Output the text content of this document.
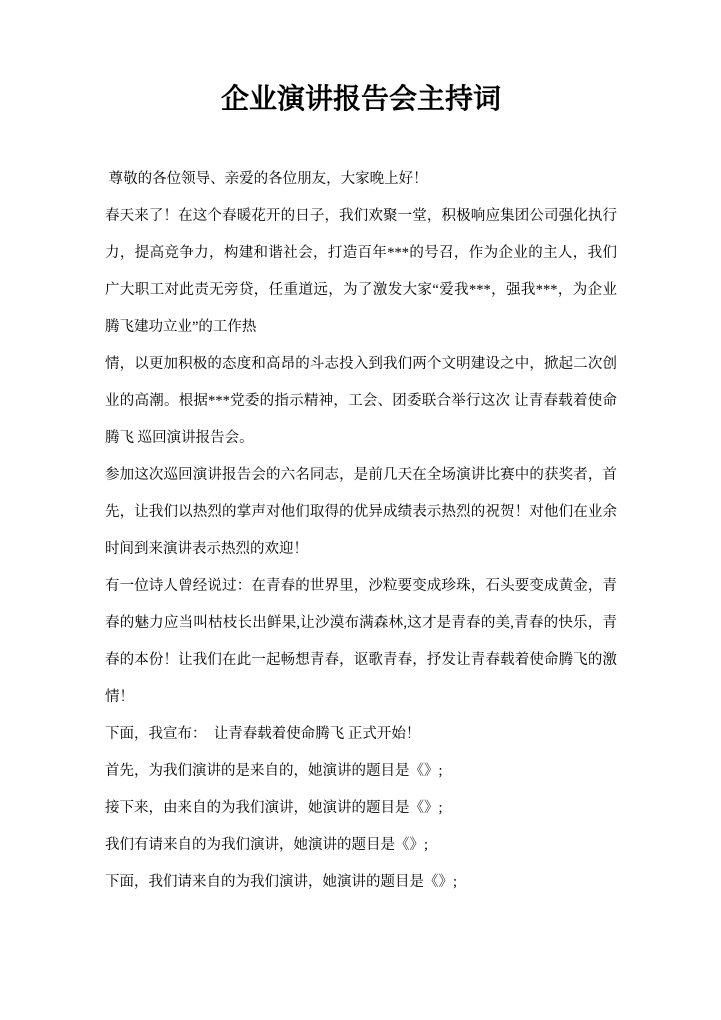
企业演讲报告会主持词

尊敬的各位领导、亲爱的各位朋友，大家晚上好！

春天来了！在这个春暖花开的日子，我们欢聚一堂，积极响应集团公司强化执行力，提高竞争力，构建和谐社会，打造百年***的号召，作为企业的主人，我们广大职工对此责无旁贷，任重道远，为了激发大家“爱我***，强我***，为企业腾飞建功立业”的工作热

情，以更加积极的态度和高昂的斗志投入到我们两个文明建设之中，掀起二次创业的高潮。根据***党委的指示精神，工会、团委联合举行这次 让青春载着使命腾飞 巡回演讲报告会。

参加这次巡回演讲报告会的六名同志，是前几天在全场演讲比赛中的获奖者，首先，让我们以热烈的掌声对他们取得的优异成绩表示热烈的祝贺！对他们在业余时间到来演讲表示热烈的欢迎！

有一位诗人曾经说过：在青春的世界里，沙粒要变成珍珠，石头要变成黄金，青春的魅力应当叫枯枝长出鲜果,让沙漠布满森林,这才是青春的美,青春的快乐，青春的本份！让我们在此一起畅想青春，讴歌青春，抒发让青春载着使命腾飞的激情！

下面，我宣布：  让青春载着使命腾飞 正式开始！

首先，为我们演讲的是来自的，她演讲的题目是《》;

接下来，由来自的为我们演讲，她演讲的题目是《》;

我们有请来自的为我们演讲，她演讲的题目是《》;

下面，我们请来自的为我们演讲，她演讲的题目是《》;
